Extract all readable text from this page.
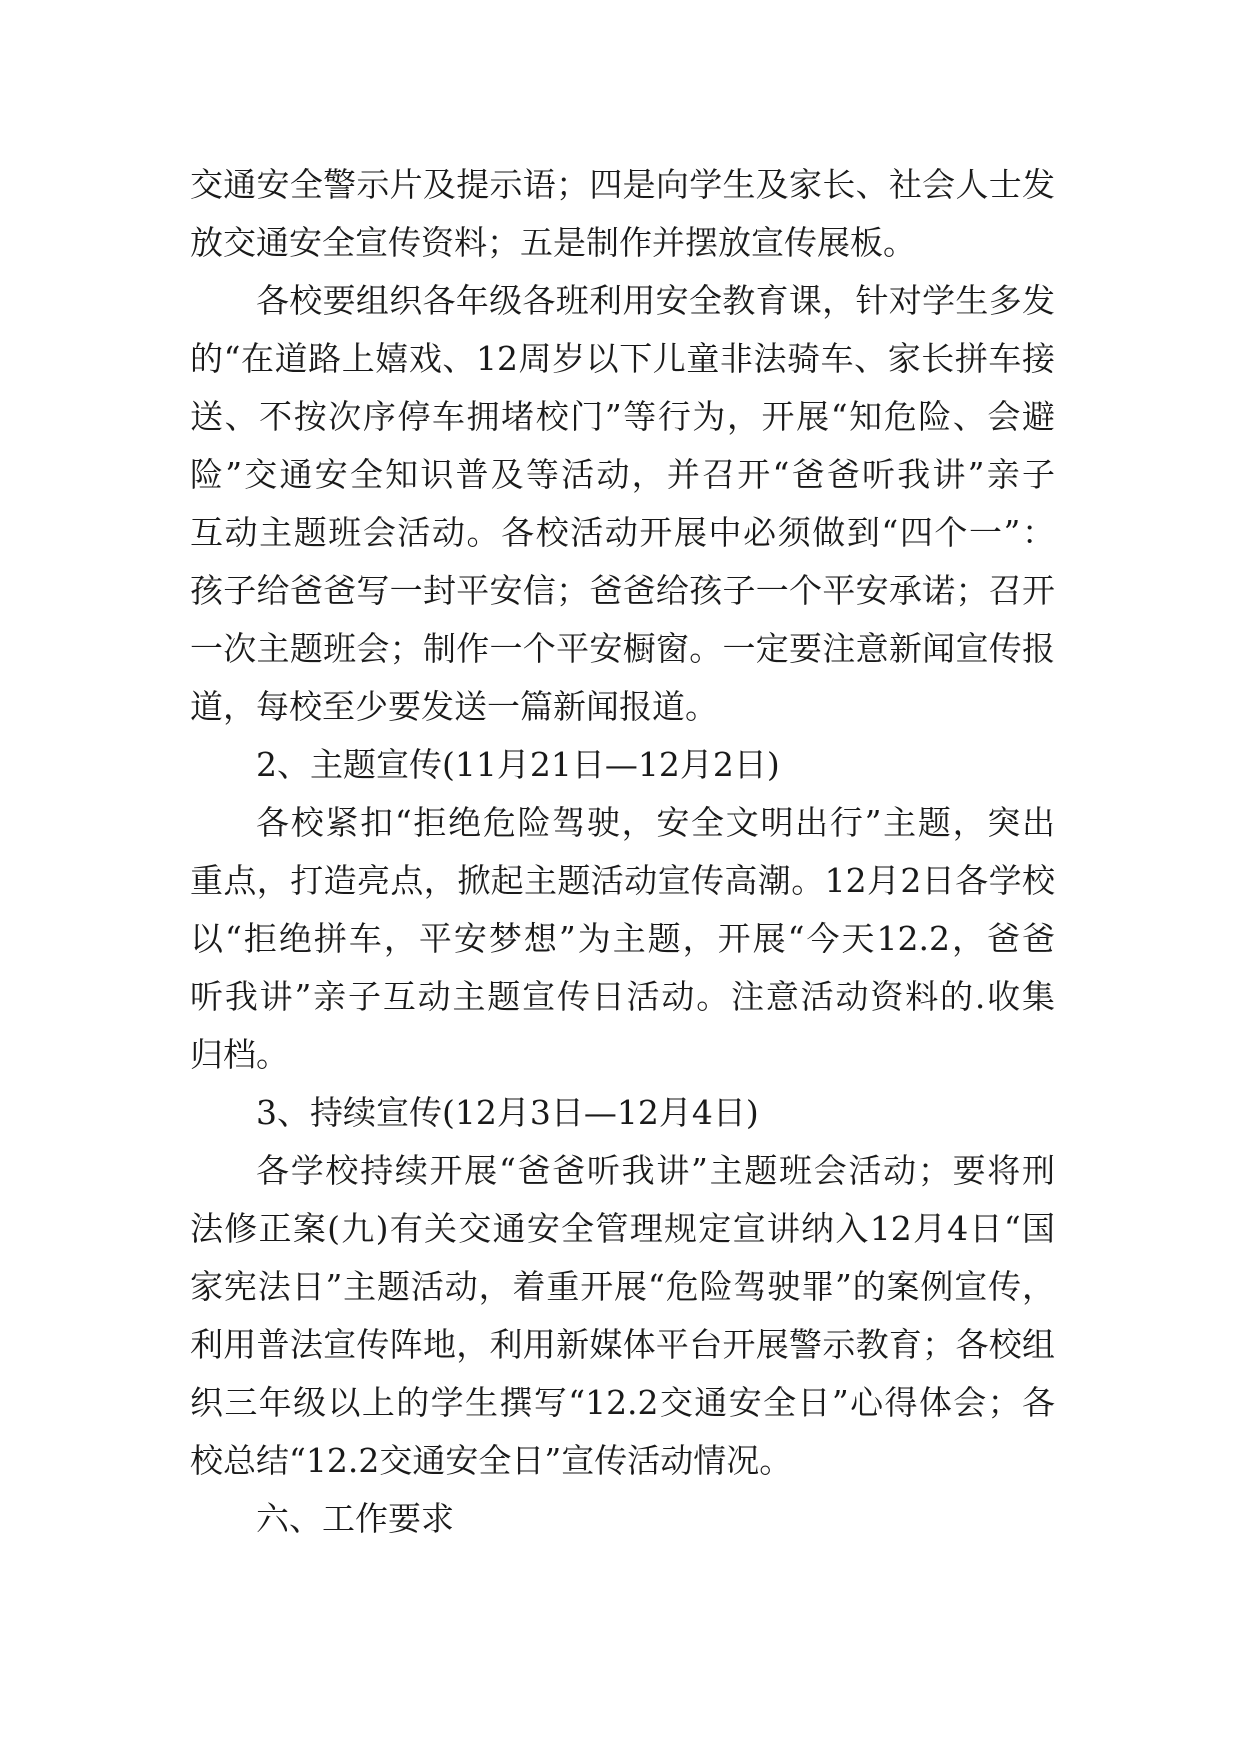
交通安全警示片及提示语；四是向学生及家长、社会人士发
放交通安全宣传资料；五是制作并摆放宣传展板。
各校要组织各年级各班利用安全教育课，针对学生多发
的“在道路上嬉戏、12周岁以下儿童非法骑车、家长拼车接
送、不按次序停车拥堵校门”等行为，开展“知危险、会避
险”交通安全知识普及等活动，并召开“爸爸听我讲”亲子
互动主题班会活动。各校活动开展中必须做到“四个一”：
孩子给爸爸写一封平安信；爸爸给孩子一个平安承诺；召开
一次主题班会；制作一个平安橱窗。一定要注意新闻宣传报
道，每校至少要发送一篇新闻报道。
2、主题宣传(11月21日—12月2日)
各校紧扣“拒绝危险驾驶，安全文明出行”主题，突出
重点，打造亮点，掀起主题活动宣传高潮。12月2日各学校
以“拒绝拼车，平安梦想”为主题，开展“今天12.2，爸爸
听我讲”亲子互动主题宣传日活动。注意活动资料的.收集
归档。
3、持续宣传(12月3日—12月4日)
各学校持续开展“爸爸听我讲”主题班会活动；要将刑
法修正案(九)有关交通安全管理规定宣讲纳入12月4日“国
家宪法日”主题活动，着重开展“危险驾驶罪”的案例宣传，
利用普法宣传阵地，利用新媒体平台开展警示教育；各校组
织三年级以上的学生撰写“12.2交通安全日”心得体会；各
校总结“12.2交通安全日”宣传活动情况。
六、工作要求
